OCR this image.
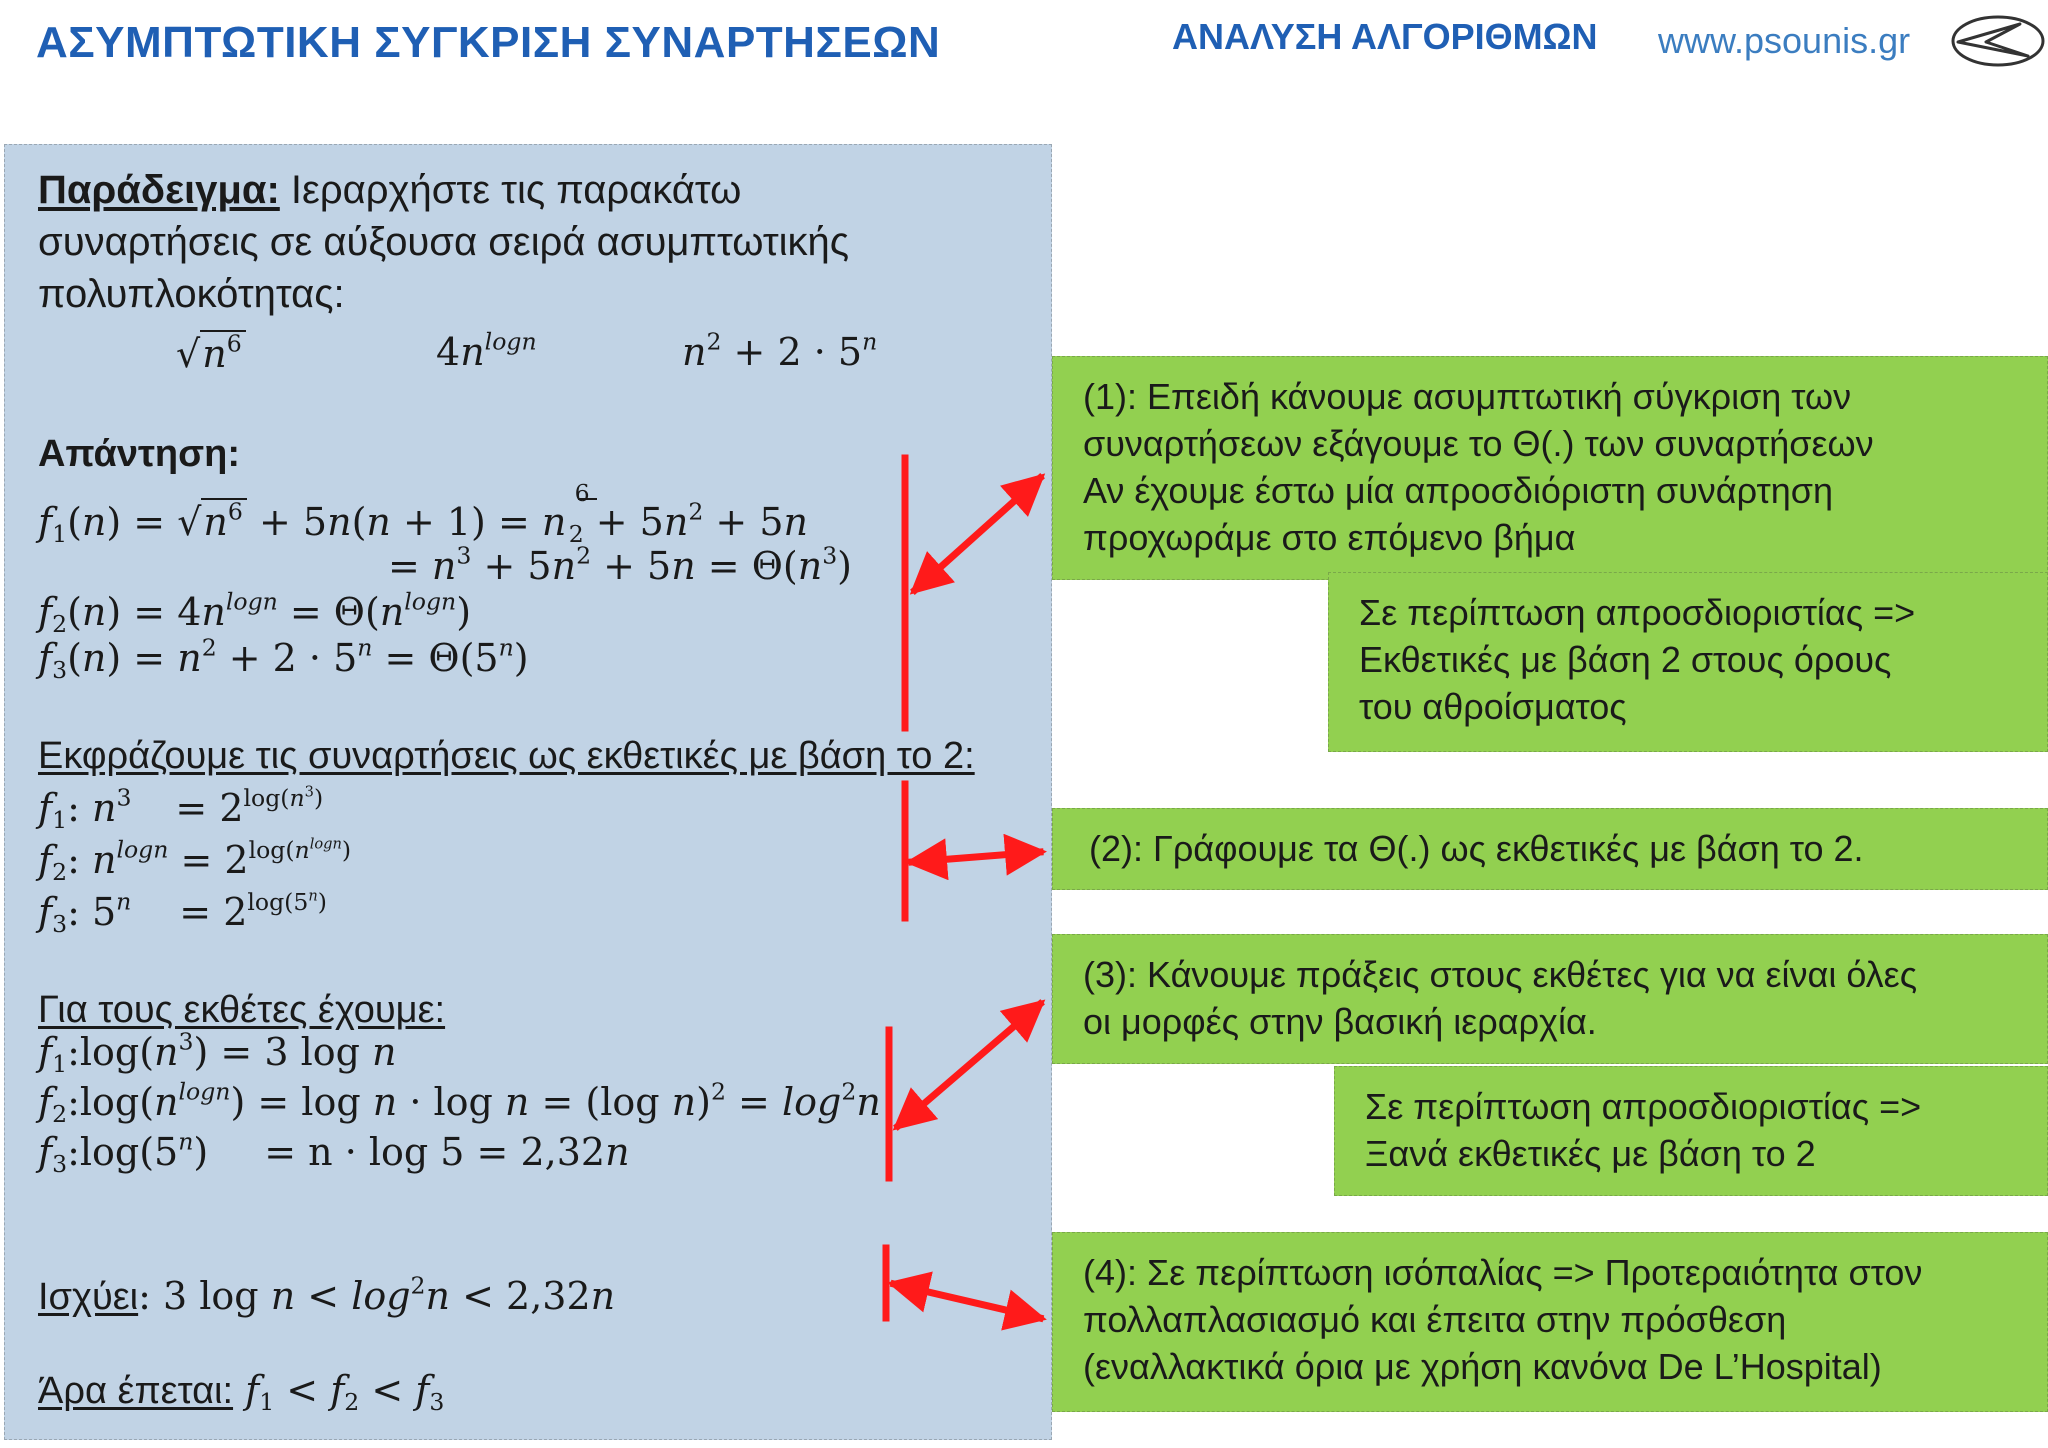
ΑΣΥΜΠΤΩΤΙΚΗ ΣΥΓΚΡΙΣΗ ΣΥΝΑΡΤΗΣΕΩΝ	ΑΝΑΛΥΣΗ ΑΛΓΟΡΙΘΜΩΝ www.psounis.gr
Παράδειγμα: Ιεραρχήστε τις παρακάτω
συναρτήσεις σε αύξουσα σειρά ασυμπτωτικής
πολυπλοκότητας:
$√n^6$	$4n^{logn}$	$n^2 + 2 \cdot 5^n$
Απάντηση:
$f_1(n) = √n^6 + 5n(n + 1) = n$
6
$2 + 5n^2 + 5n$
= $n^3 + 5n^2 + 5n = \Theta(n^3)$
$f_2(n) = 4n^{logn} = \Theta(n^{logn})$
$f_3(n) = n^2 + 2 \cdot 5^n = \Theta(5^n)$
Εκφράζουμε τις συναρτήσεις ως εκθετικές με βάση το 2:
$f_1$: $n^3 = 2^{log(n^3)}$
$f_2$: $n^{logn} = 2^{log(n^{logn})}$
$f_3$: $5^n = 2^{log(5^n)}$
Για τους εκθέτες έχουμε:
$f_1:\log(n^3) = 3$ log n
$f_2:\log(n^{logn}) = \log n \cdot \log n = (\log$ $n)^2 = \log^2n$
$f_3:\log(5^n) = n \cdot \log 5 = 2,32n$
Ισχύει: 3 $\log n < \log^2n < 2,32n$
Άρα έπεται: $f_1 < f_2 < f_3$
(1): Επειδή κάνουμε ασυμπτωτική σύγκριση των
συναρτήσεων εξάγουμε το Θ(.) των συναρτήσεων
Αν έχουμε έστω μία απροσδιόριστη συνάρτηση
προχωράμε στο επόμενο βήμα
Σε περίπτωση απροσδιοριστίας =>
Εκθετικές με βάση 2 στους όρους
του αθροίσματος
(2): Γράφουμε τα Θ(.) ως εκθετικές με βάση το 2.
(3): Κάνουμε πράξεις στους εκθέτες για να είναι όλες
οι μορφές στην βασική ιεραρχία.
Σε περίπτωση απροσδιοριστίας =>
Ξανά εκθετικές με βάση το 2
(4): Σε περίπτωση ισόπαλίας => Προτεραιότητα στον
πολλαπλασιασμό και έπειτα στην πρόσθεση
(εναλλακτικά όρια με χρήση κανόνα De L’Hospital)
